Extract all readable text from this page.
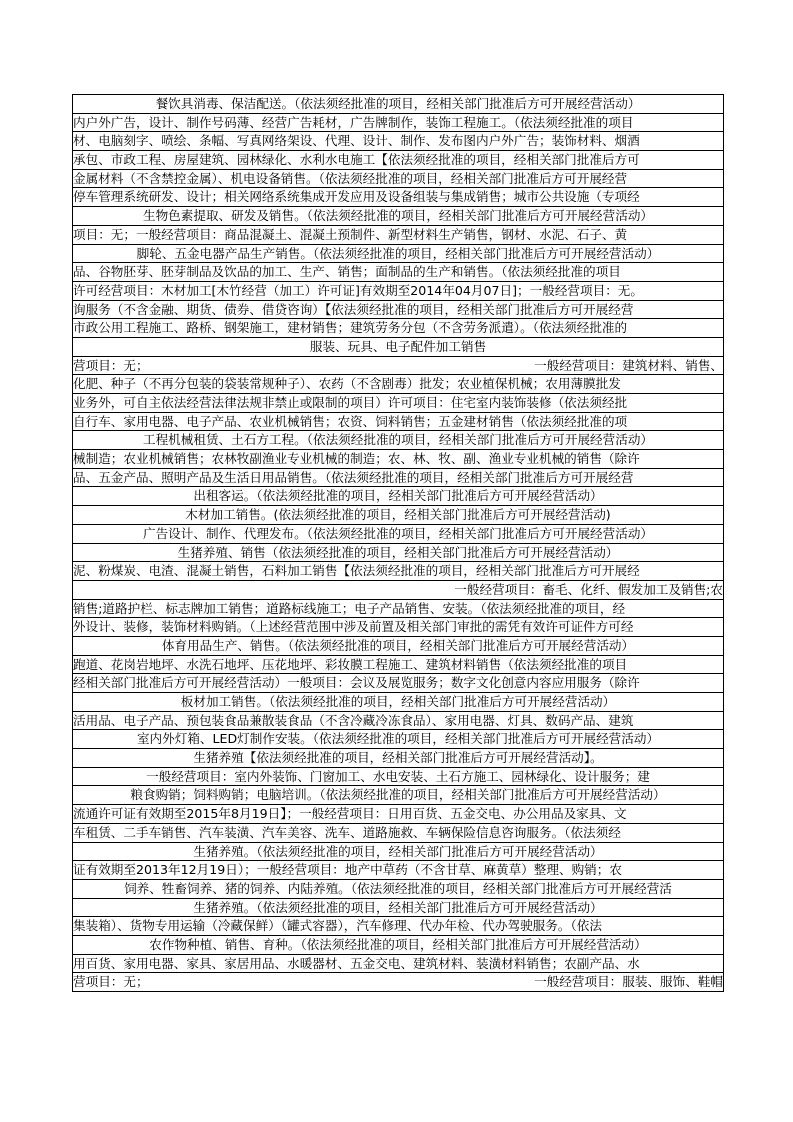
餐饮具消毒、保洁配送。（依法须经批准的项目，经相关部门批准后方可开展经营活动）
内户外广告，设计、制作号码薄、经营广告耗材，广告牌制作，装饰工程施工。（依法须经批准的项目
材、电脑刻字、喷绘、条幅、写真网络架设、代理、设计、制作、发布图内户外广告；装饰材料、烟酒
承包、市政工程、房屋建筑、园林绿化、水利水电施工【依法须经批准的项目，经相关部门批准后方可
金属材料（不含禁控金属）、机电设备销售。（依法须经批准的项目，经相关部门批准后方可开展经营
停车管理系统研发、设计；相关网络系统集成开发应用及设备组装与集成销售；城市公共设施（专项经
生物色素提取、研发及销售。（依法须经批准的项目，经相关部门批准后方可开展经营活动）
项目：无；一般经营项目：商品混凝土、混凝土预制件、新型材料生产销售，钢材、水泥、石子、黄
脚轮、五金电器产品生产销售。（依法须经批准的项目，经相关部门批准后方可开展经营活动）
品、谷物胚芽、胚芽制品及饮品的加工、生产、销售；面制品的生产和销售。（依法须经批准的项目
许可经营项目：木材加工[木竹经营（加工）许可证]有效期至2014年04月07日]；一般经营项目：无。
询服务（不含金融、期货、债券、借贷咨询）【依法须经批准的项目，经相关部门批准后方可开展经营
市政公用工程施工、路桥、钢架施工，建材销售；建筑劳务分包（不含劳务派遣）。（依法须经批准的
服装、玩具、电子配件加工销售
营项目：无；	一般经营项目：建筑材料、销售、
化肥、种子（不再分包装的袋装常规种子）、农药（不含剧毒）批发；农业植保机械；农用薄膜批发
业务外，可自主依法经营法律法规非禁止或限制的项目）许可项目：住宅室内装饰装修（依法须经批
自行车、家用电器、电子产品、农业机械销售；农资、饲料销售；五金建材销售（依法须经批准的项
工程机械租赁、土石方工程。（依法须经批准的项目，经相关部门批准后方可开展经营活动）
械制造；农业机械销售；农林牧副渔业专业机械的制造；农、林、牧、副、渔业专业机械的销售（除许
品、五金产品、照明产品及生活日用品销售。（依法须经批准的项目，经相关部门批准后方可开展经营
出租客运。（依法须经批准的项目，经相关部门批准后方可开展经营活动）
木材加工销售。(依法须经批准的项目，经相关部门批准后方可开展经营活动)
广告设计、制作、代理发布。（依法须经批准的项目，经相关部门批准后方可开展经营活动）
生猪养殖、销售（依法须经批准的项目，经相关部门批准后方可开展经营活动）
泥、粉煤炭、电渣、混凝土销售，石料加工销售【依法须经批准的项目，经相关部门批准后方可开展经
一般经营项目：畜毛、化纤、假发加工及销售;农
销售;道路护栏、标志牌加工销售；道路标线施工；电子产品销售、安装。（依法须经批准的项目，经
外设计、装修，装饰材料购销。（上述经营范围中涉及前置及相关部门审批的需凭有效许可证件方可经
体育用品生产、销售。（依法须经批准的项目，经相关部门批准后方可开展经营活动）
跑道、花岗岩地坪、水洗石地坪、压花地坪、彩妆膜工程施工、建筑材料销售（依法须经批准的项目
经相关部门批准后方可开展经营活动）一般项目：会议及展览服务；数字文化创意内容应用服务（除许
板材加工销售。（依法须经批准的项目，经相关部门批准后方可开展经营活动）
活用品、电子产品、预包装食品兼散装食品（不含冷藏冷冻食品）、家用电器、灯具、数码产品、建筑
室内外灯箱、LED灯制作安装。（依法须经批准的项目，经相关部门批准后方可开展经营活动）
生猪养殖【依法须经批准的项目，经相关部门批准后方可开展经营活动】。
一般经营项目：室内外装饰、门窗加工、水电安装、土石方施工、园林绿化、设计服务；建
粮食购销；饲料购销；电脑培训。（依法须经批准的项目，经相关部门批准后方可开展经营活动）
流通许可证有效期至2015年8月19日】；一般经营项目：日用百货、五金交电、办公用品及家具、文
车租赁、二手车销售、汽车装潢、汽车美容、洗车、道路施救、车辆保险信息咨询服务。（依法须经
生猪养殖。（依法须经批准的项目，经相关部门批准后方可开展经营活动）
证有效期至2013年12月19日）；一般经营项目：地产中草药（不含甘草、麻黄草）整理、购销；农
饲养、牲畜饲养、猪的饲养、内陆养殖。（依法须经批准的项目，经相关部门批准后方可开展经营活
生猪养殖。（依法须经批准的项目，经相关部门批准后方可开展经营活动）
集装箱）、货物专用运输（冷藏保鲜）（罐式容器），汽车修理、代办年检、代办驾驶服务。（依法
农作物种植、销售、育种。（依法须经批准的项目，经相关部门批准后方可开展经营活动）
用百货、家用电器、家具、家居用品、水暖器材、五金交电、建筑材料、装潢材料销售；农副产品、水
营项目：无；	一般经营项目：服装、服饰、鞋帽
